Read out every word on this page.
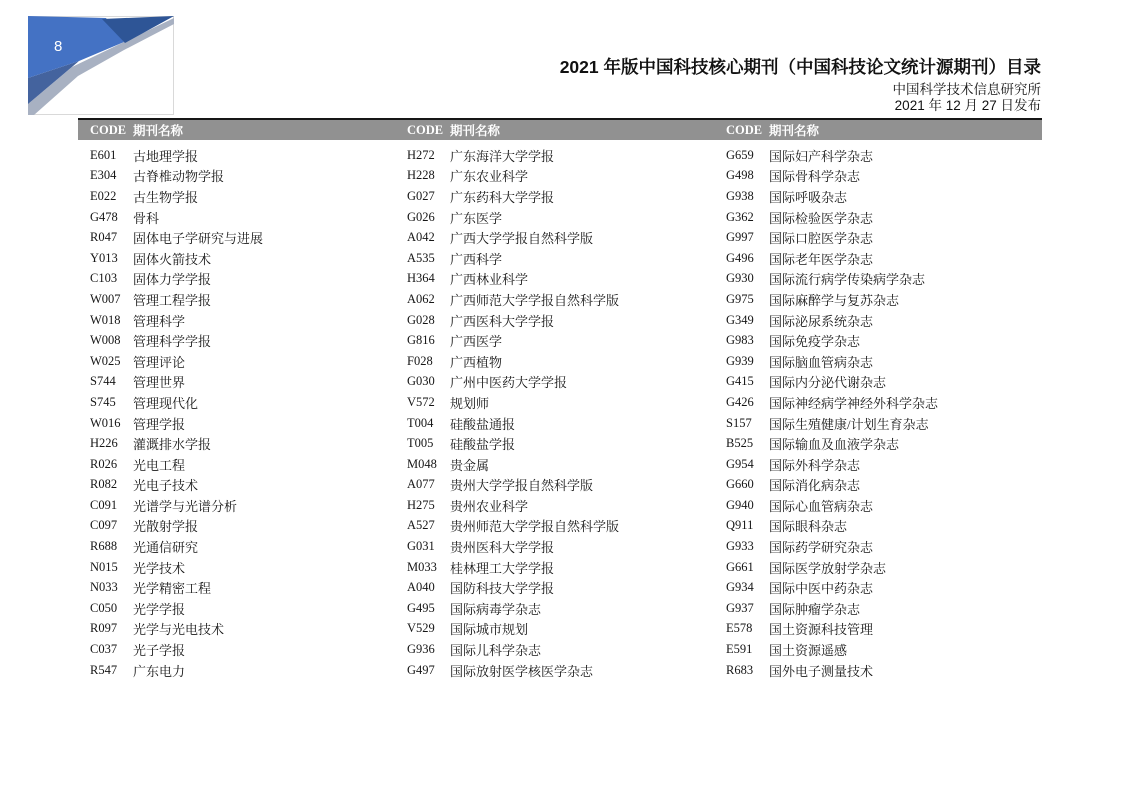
8
2021 年版中国科技核心期刊（中国科技论文统计源期刊）目录
中国科学技术信息研究所
2021 年 12 月 27 日发布
CODE 期刊名称	CODE 期刊名称	CODE 期刊名称
E601	古地理学报
E304	古脊椎动物学报
E022	古生物学报
G478	骨科
R047	固体电子学研究与进展
Y013	固体火箭技术
C103	固体力学学报
W007 管理工程学报
W018 管理科学
W008 管理科学学报
W025 管理评论
S744	管理世界
S745	管理现代化
W016 管理学报
H226	灌溉排水学报
R026	光电工程
R082	光电子技术
C091	光谱学与光谱分析
C097	光散射学报
R688	光通信研究
N015	光学技术
N033	光学精密工程
C050	光学学报
R097	光学与光电技术
C037	光子学报
R547	广东电力
H272	广东海洋大学学报
H228	广东农业科学
G027	广东药科大学学报
G026	广东医学
A042	广西大学学报自然科学版
A535	广西科学
H364	广西林业科学
A062	广西师范大学学报自然科学版
G028	广西医科大学学报
G816	广西医学
F028	广西植物
G030	广州中医药大学学报
V572	规划师
T004	硅酸盐通报
T005	硅酸盐学报
M048	贵金属
A077	贵州大学学报自然科学版
H275	贵州农业科学
A527	贵州师范大学学报自然科学版
G031	贵州医科大学学报
M033	桂林理工大学学报
A040	国防科技大学学报
G495	国际病毒学杂志
V529	国际城市规划
G936	国际儿科学杂志
G497	国际放射医学核医学杂志
G659	国际妇产科学杂志
G498	国际骨科学杂志
G938	国际呼吸杂志
G362	国际检验医学杂志
G997	国际口腔医学杂志
G496	国际老年医学杂志
G930	国际流行病学传染病学杂志
G975	国际麻醉学与复苏杂志
G349	国际泌尿系统杂志
G983	国际免疫学杂志
G939	国际脑血管病杂志
G415	国际内分泌代谢杂志
G426	国际神经病学神经外科学杂志
S157	国际生殖健康/计划生育杂志
B525	国际输血及血液学杂志
G954	国际外科学杂志
G660	国际消化病杂志
G940	国际心血管病杂志
Q911	国际眼科杂志
G933	国际药学研究杂志
G661	国际医学放射学杂志
G934	国际中医中药杂志
G937	国际肿瘤学杂志
E578	国土资源科技管理
E591	国土资源遥感
R683	国外电子测量技术
